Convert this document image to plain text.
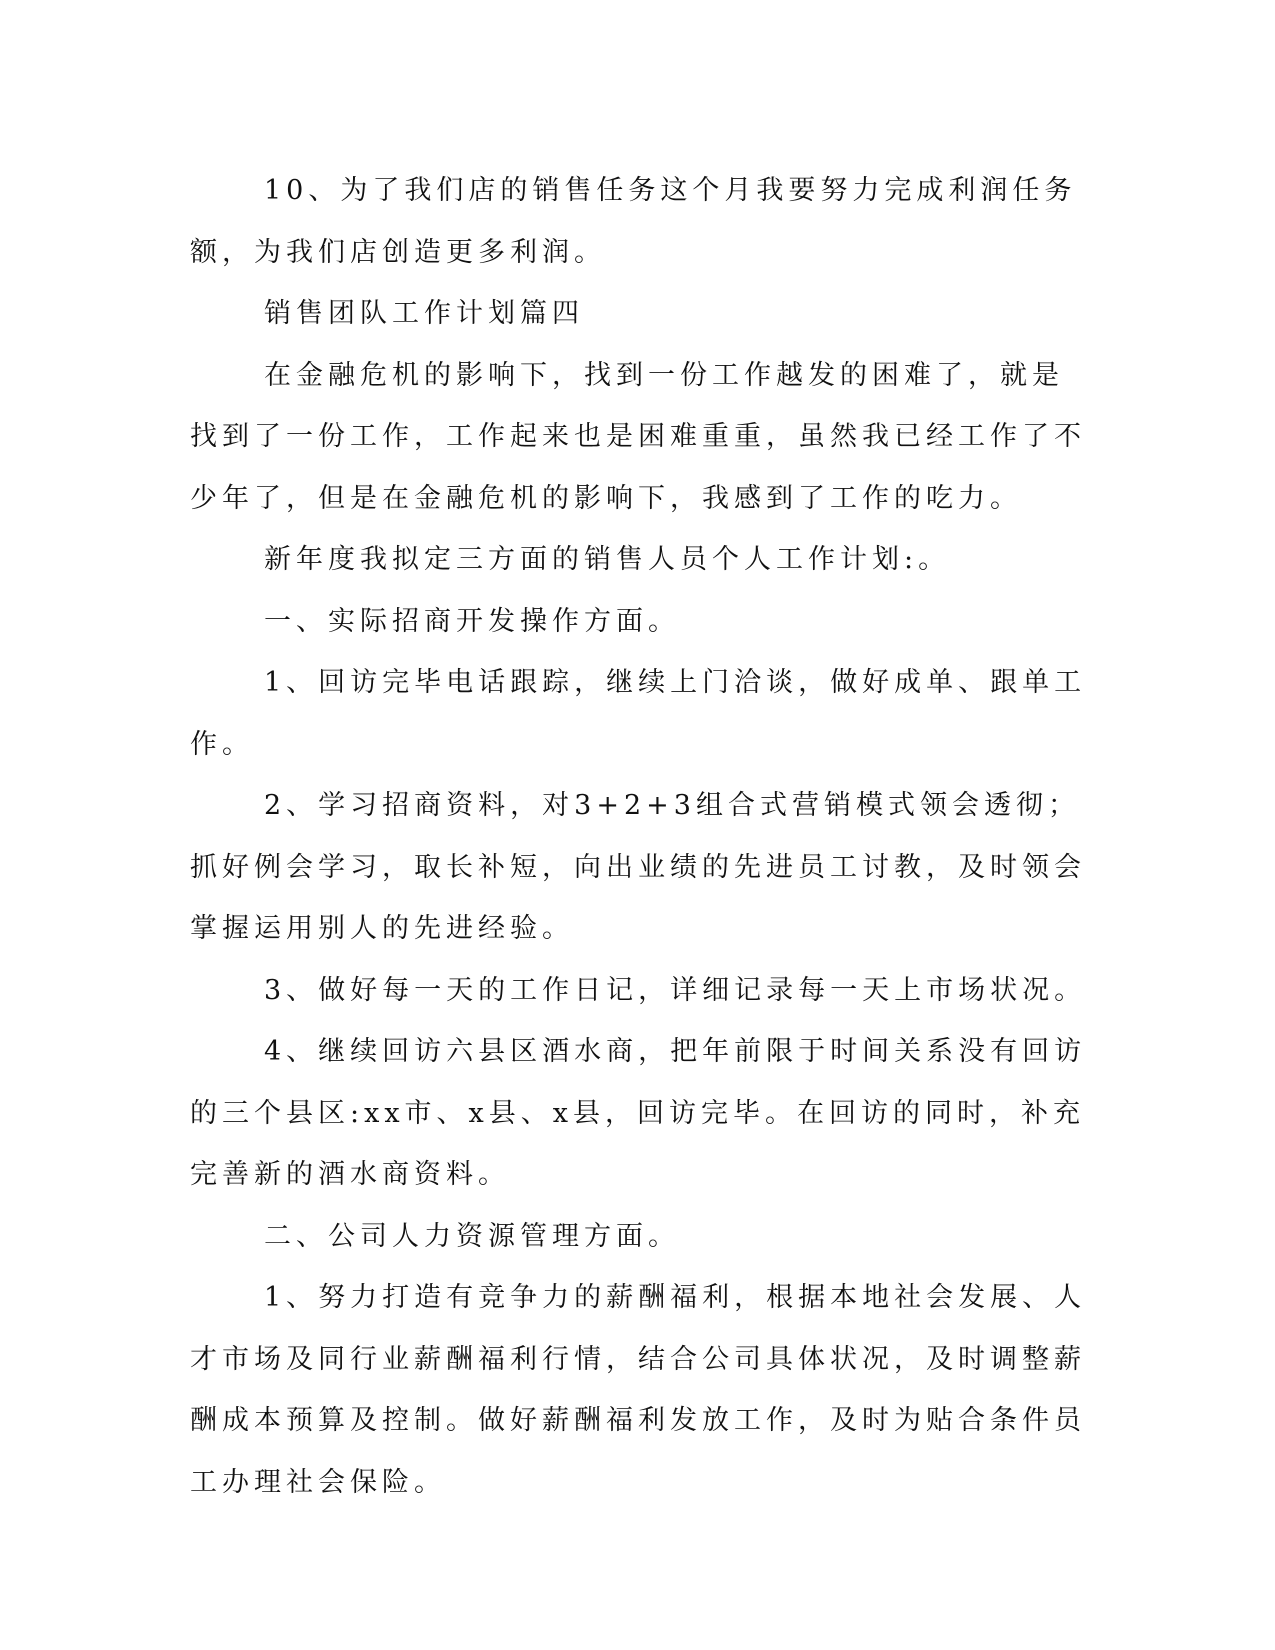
10、为了我们店的销售任务这个月我要努力完成利润任务额，为我们店创造更多利润。

销售团队工作计划篇四

在金融危机的影响下，找到一份工作越发的困难了，就是找到了一份工作，工作起来也是困难重重，虽然我已经工作了不少年了，但是在金融危机的影响下，我感到了工作的吃力。

新年度我拟定三方面的销售人员个人工作计划:。

一、实际招商开发操作方面。

1、回访完毕电话跟踪，继续上门洽谈，做好成单、跟单工作。

2、学习招商资料，对3+2+3组合式营销模式领会透彻；抓好例会学习，取长补短，向出业绩的先进员工讨教，及时领会掌握运用别人的先进经验。

3、做好每一天的工作日记，详细记录每一天上市场状况。

4、继续回访六县区酒水商，把年前限于时间关系没有回访的三个县区:xx市、x县、x县，回访完毕。在回访的同时，补充完善新的酒水商资料。

二、公司人力资源管理方面。

1、努力打造有竞争力的薪酬福利，根据本地社会发展、人才市场及同行业薪酬福利行情，结合公司具体状况，及时调整薪酬成本预算及控制。做好薪酬福利发放工作，及时为贴合条件员工办理社会保险。
